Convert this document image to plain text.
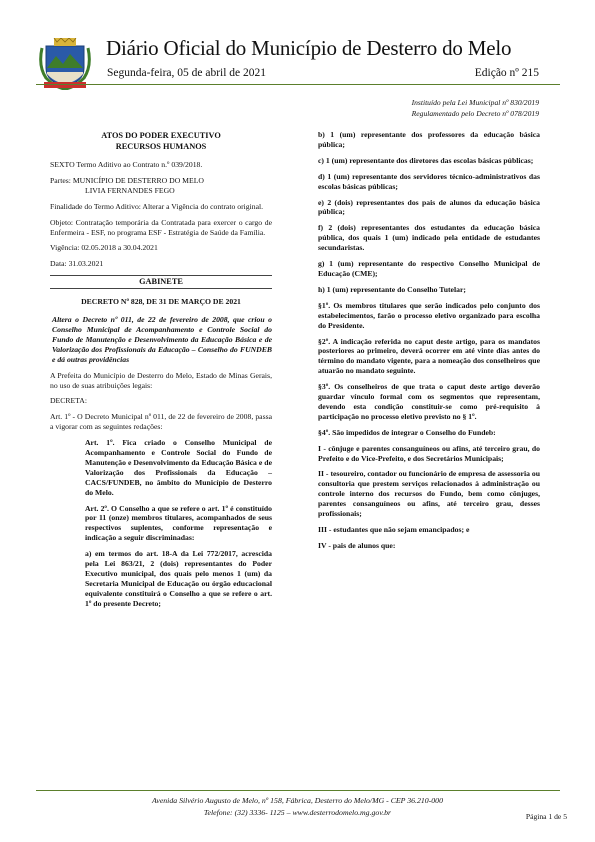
Diário Oficial do Município de Desterro do Melo
Segunda-feira, 05 de abril de 2021	Edição nº 215
Instituído pela Lei Municipal nº 830/2019
Regulamentado pelo Decreto nº 078/2019
ATOS DO PODER EXECUTIVO
RECURSOS HUMANOS

SEXTO Termo Aditivo ao Contrato n.º 039/2018.

Partes: MUNICÍPIO DE DESTERRO DO MELO

LIVIA FERNANDES FEGO

Finalidade do Termo Aditivo: Alterar a Vigência do contrato original.

Objeto: Contratação temporária da Contratada para exercer o cargo de Enfermeira - ESF, no programa ESF - Estratégia de Saúde da Família.

Vigência: 02.05.2018 a 30.04.2021

Data: 31.03.2021

GABINETE

DECRETO Nº 828, DE 31 DE MARÇO DE 2021

Altera o Decreto nº 011, de 22 de fevereiro de 2008, que criou o Conselho Municipal de Acompanhamento e Controle Social do Fundo de Manutenção e Desenvolvimento da Educação Básica e de Valorização dos Profissionais da Educação – Conselho do FUNDEB e dá outras providências

A Prefeita do Município de Desterro do Melo, Estado de Minas Gerais, no uso de suas atribuições legais:

DECRETA:

Art. 1º - O Decreto Municipal nº 011, de 22 de fevereiro de 2008, passa a vigorar com as seguintes redações:

Art. 1º. Fica criado o Conselho Municipal de Acompanhamento e Controle Social do Fundo de Manutenção e Desenvolvimento da Educação Básica e de Valorização dos Profissionais da Educação – CACS/FUNDEB, no âmbito do Município de Desterro do Melo.

Art. 2º. O Conselho a que se refere o art. 1º é constituído por 11 (onze) membros titulares, acompanhados de seus respectivos suplentes, conforme representação e indicação a seguir discriminadas:

a) em termos do art. 18-A da Lei 772/2017, acrescida pela Lei 863/21, 2 (dois) representantes do Poder Executivo municipal, dos quais pelo menos 1 (um) da Secretaria Municipal de Educação ou órgão educacional equivalente constituirá o Conselho a que se refere o art. 1º do presente Decreto;

b) 1 (um) representante dos professores da educação básica pública;

c) 1 (um) representante dos diretores das escolas básicas públicas;

d) 1 (um) representante dos servidores técnico-administrativos das escolas básicas públicas;

e) 2 (dois) representantes dos pais de alunos da educação básica pública;

f) 2 (dois) representantes dos estudantes da educação básica pública, dos quais 1 (um) indicado pela entidade de estudantes secundaristas.

g) 1 (um) representante do respectivo Conselho Municipal de Educação (CME);

h) 1 (um) representante do Conselho Tutelar;

§1º. Os membros titulares que serão indicados pelo conjunto dos estabelecimentos, farão o processo eletivo organizado para escolha do Presidente.

§2º. A indicação referida no caput deste artigo, para os mandatos posteriores ao primeiro, deverá ocorrer em até vinte dias antes do término do mandato vigente, para a nomeação dos conselheiros que atuarão no mandato seguinte.

§3º. Os conselheiros de que trata o caput deste artigo deverão guardar vínculo formal com os segmentos que representam, devendo esta condição constituir-se como pré-requisito à participação no processo eletivo previsto no § 1º.

§4º. São impedidos de integrar o Conselho do Fundeb:

I - cônjuge e parentes consanguíneos ou afins, até terceiro grau, do Prefeito e do Vice-Prefeito, e dos Secretários Municipais;

II - tesoureiro, contador ou funcionário de empresa de assessoria ou consultoria que prestem serviços relacionados à administração ou controle interno dos recursos do Fundo, bem como cônjuges, parentes consanguíneos ou afins, até terceiro grau, desses profissionais;

III - estudantes que não sejam emancipados; e

IV - pais de alunos que:

Avenida Silvério Augusto de Melo, nº 158, Fábrica, Desterro do Melo/MG - CEP 36.210-000
Telefone: (32) 3336- 1125 – www.desterrodomelo.mg.gov.br	Página 1 de 5
